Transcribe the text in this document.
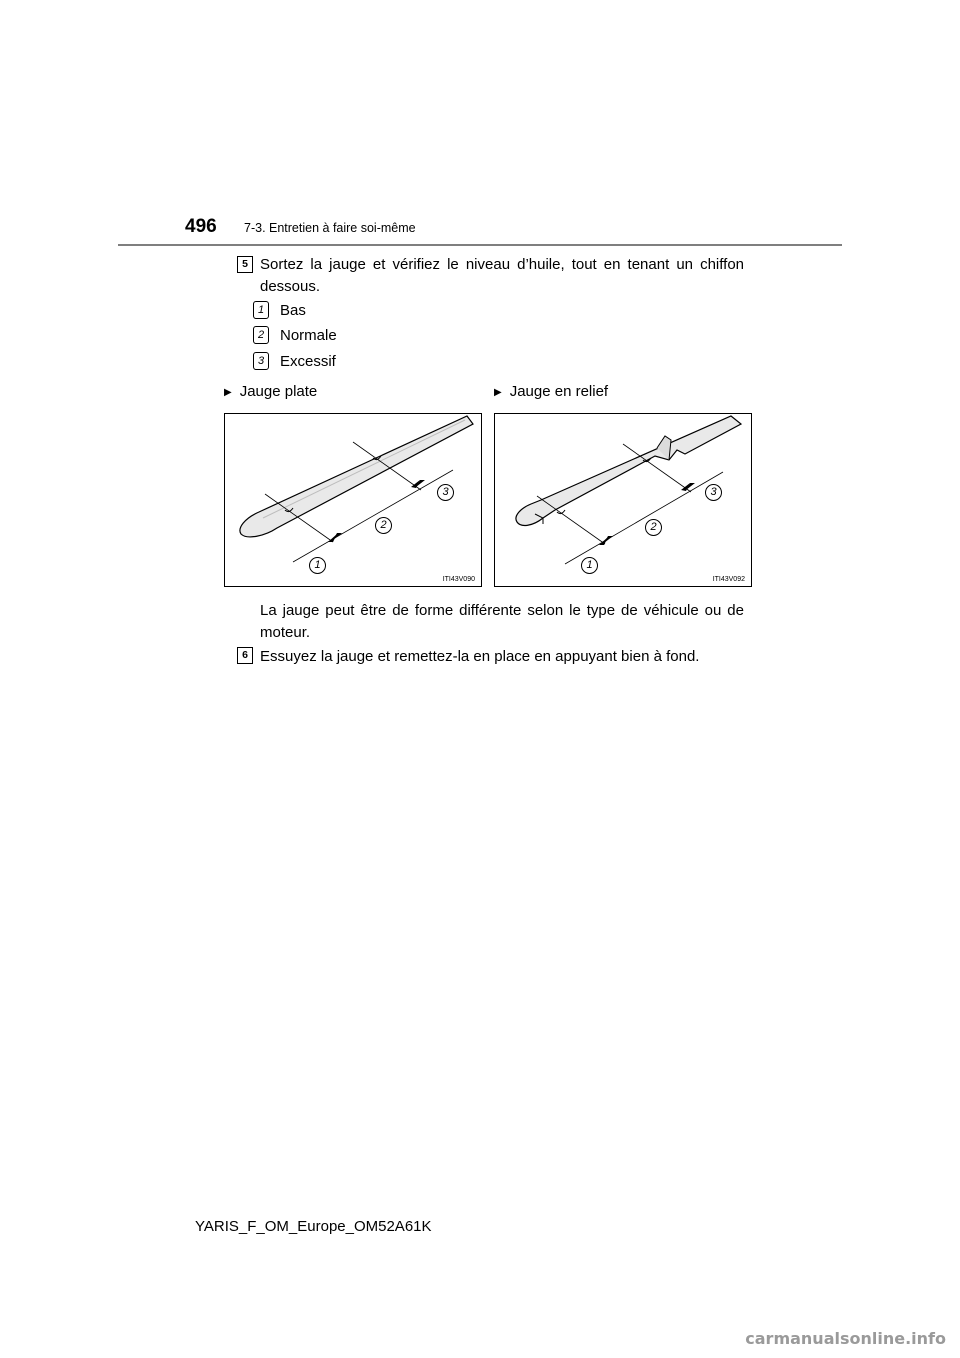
496 7-3. Entretien à faire soi-même
5 Sortez la jauge et vérifiez le niveau d’huile, tout en tenant un chiffon dessous.
1	Bas
2	Normale
3	Excessif
▶ Jauge plate	▶ Jauge en relief
1
2
3
ITI43V090
1
2
3
ITI43V092
La jauge peut être de forme différente selon le type de véhicule ou de moteur.
6 Essuyez la jauge et remettez-la en place en appuyant bien à fond.
YARIS_F_OM_Europe_OM52A61K
carmanualsonline.info
